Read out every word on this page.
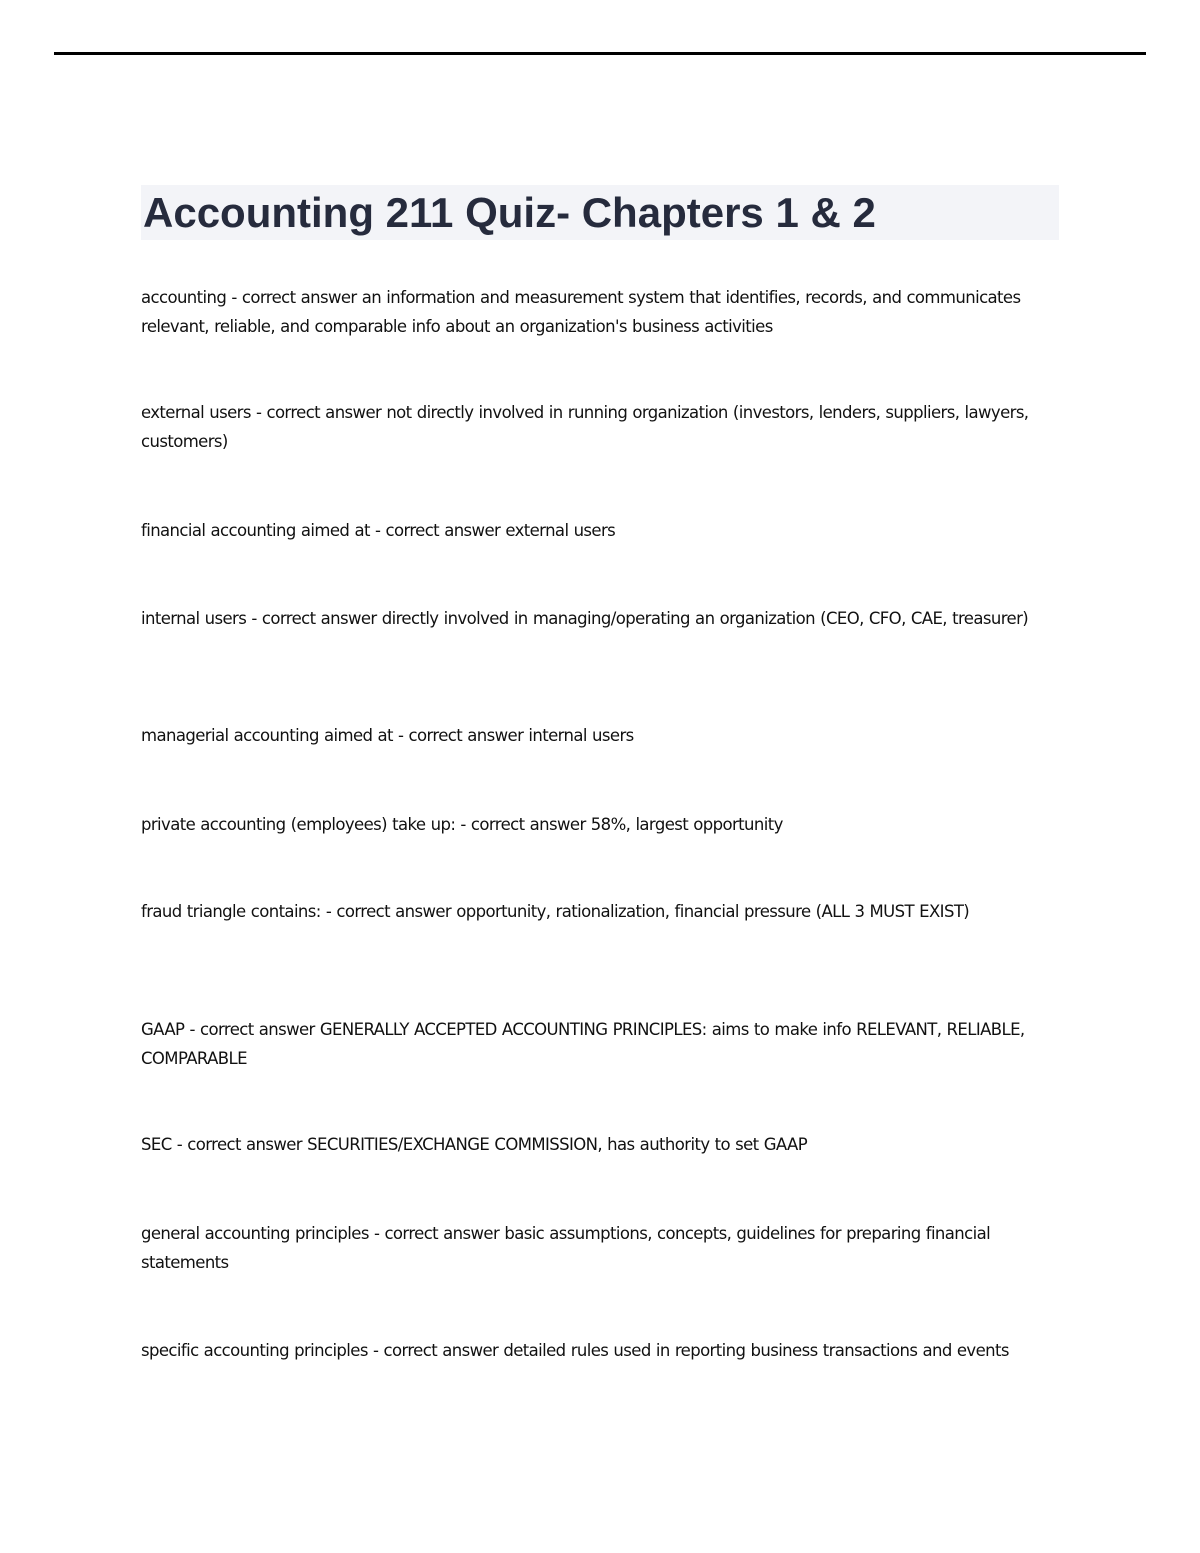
Accounting 211 Quiz- Chapters 1 & 2

accounting - correct answer an information and measurement system that identifies, records, and communicates relevant, reliable, and comparable info about an organization's business activities

external users - correct answer not directly involved in running organization (investors, lenders, suppliers, lawyers, customers)

financial accounting aimed at - correct answer external users

internal users - correct answer directly involved in managing/operating an organization (CEO, CFO, CAE, treasurer)

managerial accounting aimed at - correct answer internal users

private accounting (employees) take up: - correct answer 58%, largest opportunity

fraud triangle contains: - correct answer opportunity, rationalization, financial pressure (ALL 3 MUST EXIST)

GAAP - correct answer GENERALLY ACCEPTED ACCOUNTING PRINCIPLES: aims to make info RELEVANT, RELIABLE, COMPARABLE

SEC - correct answer SECURITIES/EXCHANGE COMMISSION, has authority to set GAAP

general accounting principles - correct answer basic assumptions, concepts, guidelines for preparing financial statements

specific accounting principles - correct answer detailed rules used in reporting business transactions and events
